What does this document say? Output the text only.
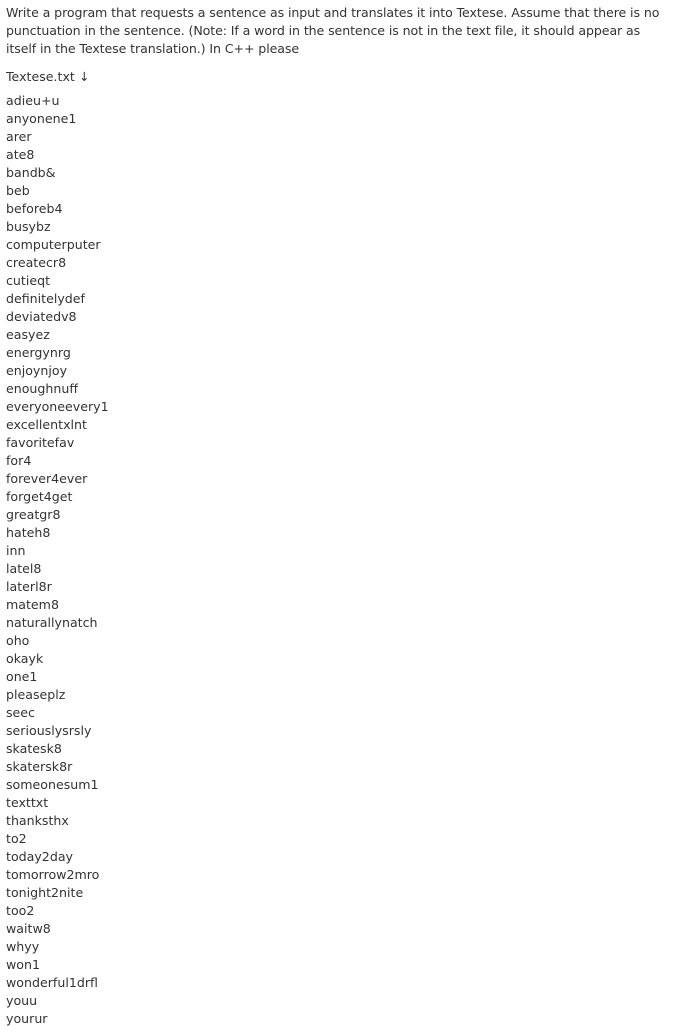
Write a program that requests a sentence as input and translates it into Textese. Assume that there is no punctuation in the sentence. (Note: If a word in the sentence is not in the text file, it should appear as itself in the Textese translation.) In C++ please

Textese.txt ↓
adieu+u
anyonene1
arer
ate8
bandb&
beb
beforeb4
busybz
computerputer
createcr8
cutieqt
definitelydef
deviatedv8
easyez
energynrg
enjoynjoy
enoughnuff
everyoneevery1
excellentxlnt
favoritefav
for4
forever4ever
forget4get
greatgr8
hateh8
inn
latel8
laterl8r
matem8
naturallynatch
oho
okayk
one1
pleaseplz
seec
seriouslysrsly
skatesk8
skatersk8r
someonesum1
texttxt
thanksthx
to2
today2day
tomorrow2mro
tonight2nite
too2
waitw8
whyy
won1
wonderful1drfl
youu
yourur
